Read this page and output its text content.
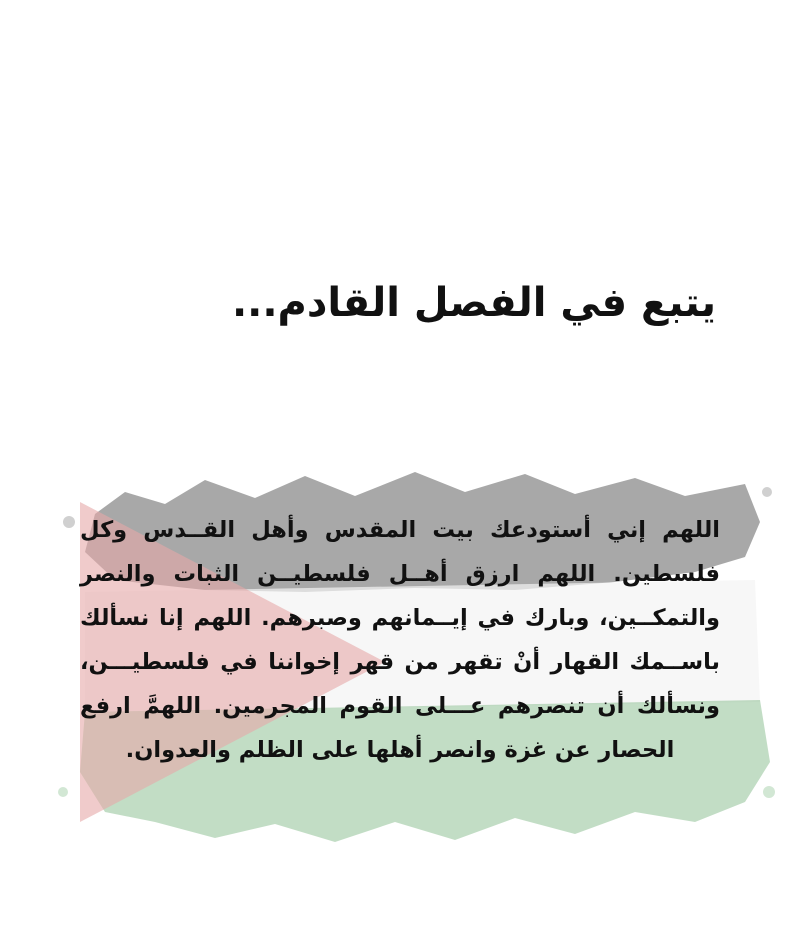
يتبع في الفصل القادم...
اللهم إني أستودعك بيت المقدس وأهل القــدس وكل فلسطين. اللهم ارزق أهــل فلسطيــن الثبات والنصر والتمكــين، وبارك في إيــمانهم وصبرهم. اللهم إنا نسألك باســمك القهار أنْ تقهر من قهر إخواننا في فلسطيـــن، ونسألك أن تنصرهم عـــلى القوم المجرمين. اللهمَّ ارفع الحصار عن غزة وانصر أهلها على الظلم والعدوان.
